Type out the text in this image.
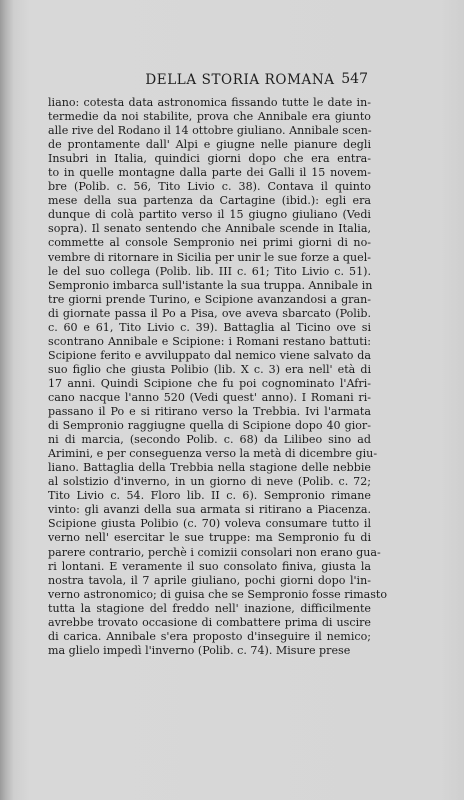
DELLA STORIA ROMANA 547
liano: cotesta data astronomica fissando tutte le date in-
termedie da noi stabilite, prova che Annibale era giunto
alle rive del Rodano il 14 ottobre giuliano. Annibale scen-
de prontamente dall' Alpi e giugne nelle pianure degli
Insubri in Italia, quindici giorni dopo che era entra-
to in quelle montagne dalla parte dei Galli il 15 novem-
bre (Polib. c. 56, Tito Livio c. 38). Contava il quinto
mese della sua partenza da Cartagine (ibid.): egli era
dunque di colà partito verso il 15 giugno giuliano (Vedi
sopra). Il senato sentendo che Annibale scende in Italia,
commette al console Sempronio nei primi giorni di no-
vembre di ritornare in Sicilia per unir le sue forze a quel-
le del suo collega (Polib. lib. III c. 61; Tito Livio c. 51).
Sempronio imbarca sull'istante la sua truppa. Annibale in
tre giorni prende Turino, e Scipione avanzandosi a gran-
di giornate passa il Po a Pisa, ove aveva sbarcato (Polib.
c. 60 e 61, Tito Livio c. 39). Battaglia al Ticino ove si
scontrano Annibale e Scipione: i Romani restano battuti:
Scipione ferito e avviluppato dal nemico viene salvato da
suo figlio che giusta Polibio (lib. X c. 3) era nell' età di
17 anni. Quindi Scipione che fu poi cognominato l'Afri-
cano nacque l'anno 520 (Vedi quest' anno). I Romani ri-
passano il Po e si ritirano verso la Trebbia. Ivi l'armata
di Sempronio raggiugne quella di Scipione dopo 40 gior-
ni di marcia, (secondo Polib. c. 68) da Lilibeo sino ad
Arimini, e per conseguenza verso la metà di dicembre giu-
liano. Battaglia della Trebbia nella stagione delle nebbie
al solstizio d'inverno, in un giorno di neve (Polib. c. 72;
Tito Livio c. 54. Floro lib. II c. 6). Sempronio rimane
vinto: gli avanzi della sua armata si ritirano a Piacenza.
Scipione giusta Polibio (c. 70) voleva consumare tutto il
verno nell' esercitar le sue truppe: ma Sempronio fu di
parere contrario, perchè i comizii consolari non erano gua-
ri lontani. E veramente il suo consolato finiva, giusta la
nostra tavola, il 7 aprile giuliano, pochi giorni dopo l'in-
verno astronomico; di guisa che se Sempronio fosse rimasto
tutta la stagione del freddo nell' inazione, difficilmente
avrebbe trovato occasione di combattere prima di uscire
di carica. Annibale s'era proposto d'inseguire il nemico;
ma glielo impedì l'inverno (Polib. c. 74). Misure prese
